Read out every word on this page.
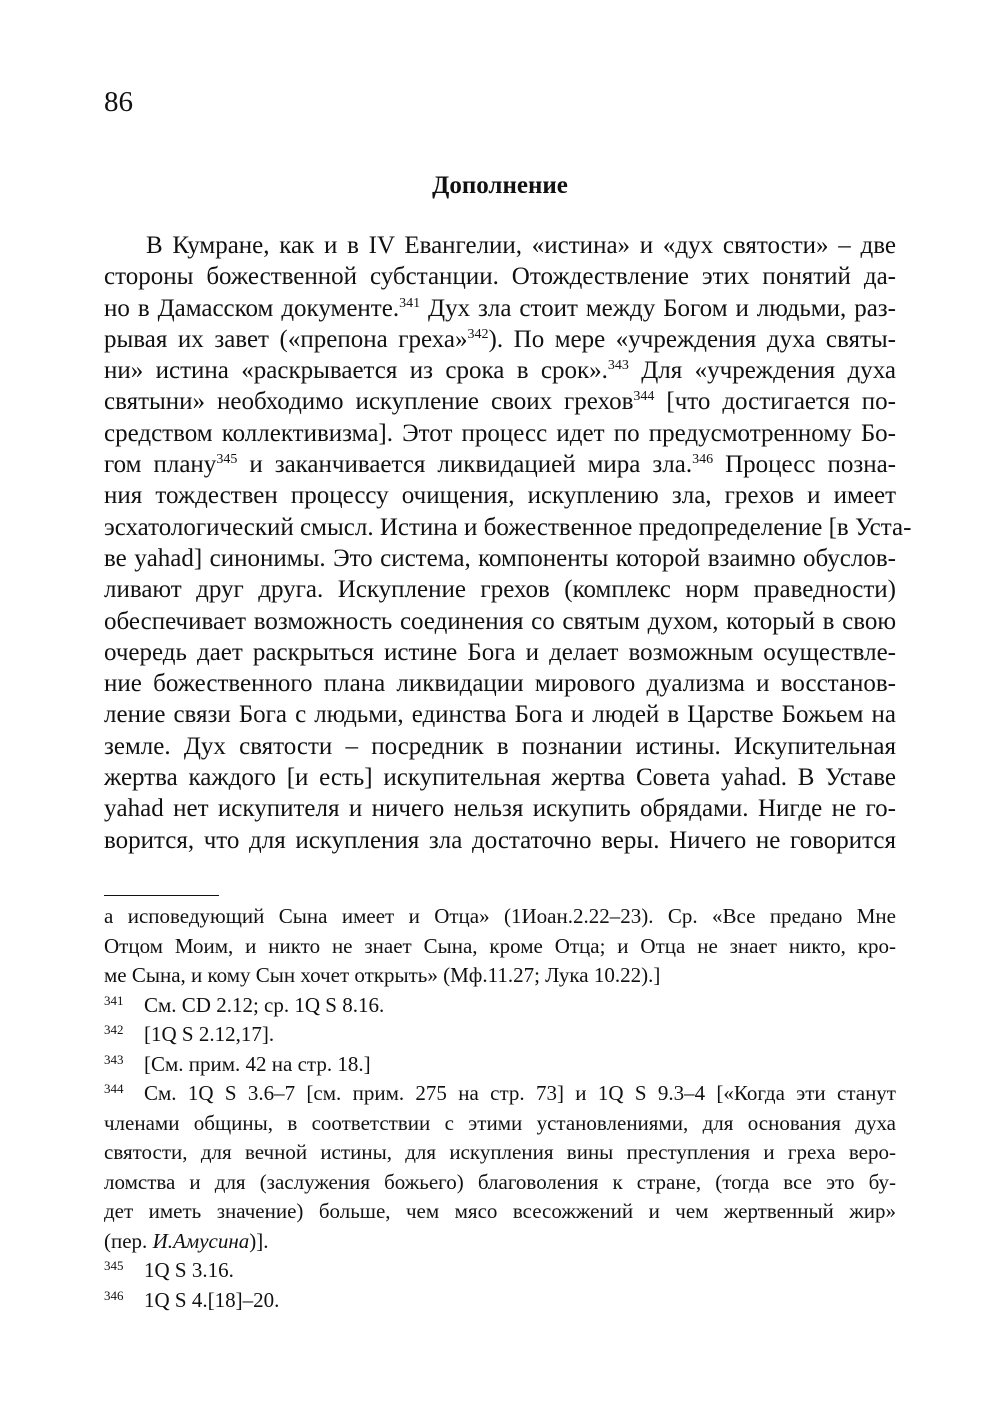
86
Дополнение
В Кумране, как и в IV Евангелии, «истина» и «дух святости» – две
стороны божественной субстанции. Отождествление этих понятий да-
но в Дамасском документе.$^{341}$ Дух зла стоит между Богом и людьми, раз-
рывая их завет («препона греха»$^{342}$). По мере «учреждения духа святы-
ни» истина «раскрывается из срока в срок».$^{343}$ Для «учреждения духа
святыни» необходимо искупление своих грехов$^{344}$ [что достигается по-
средством коллективизма]. Этот процесс идет по предусмотренному Бо-
гом плану$^{345}$ и заканчивается ликвидацией мира зла.$^{346}$ Процесс позна-
ния тождествен процессу очищения, искуплению зла, грехов и имеет
эсхатологический смысл. Истина и божественное предопределение [в Уста-
ве yahad] синонимы. Это система, компоненты которой взаимно обуслов-
ливают друг друга. Искупление грехов (комплекс норм праведности)
обеспечивает возможность соединения со святым духом, который в свою
очередь дает раскрыться истине Бога и делает возможным осуществле-
ние божественного плана ликвидации мирового дуализма и восстанов-
ление связи Бога с людьми, единства Бога и людей в Царстве Божьем на
земле. Дух святости – посредник в познании истины. Искупительная
жертва каждого [и есть] искупительная жертва Совета yahad. В Уставе
yahad нет искупителя и ничего нельзя искупить обрядами. Нигде не го-
ворится, что для искупления зла достаточно веры. Ничего не говорится
а исповедующий Сына имеет и Отца» (1Иоан.2.22–23). Ср. «Все предано Мне
Отцом Моим, и никто не знает Сына, кроме Отца; и Отца не знает никто, кро-
ме Сына, и кому Сын хочет открыть» (Мф.11.27; Лука 10.22).]
341 См. CD 2.12; ср. 1Q S 8.16.
342 [1Q S 2.12,17].
343 [См. прим. 42 на стр. 18.]
344 См. 1Q S 3.6–7 [см. прим. 275 на стр. 73] и 1Q S 9.3–4 [«Когда эти станут
членами общины, в соответствии с этими установлениями, для основания духа
святости, для вечной истины, для искупления вины преступления и греха веро-
ломства и для (заслужения божьего) благоволения к стране, (тогда все это бу-
дет иметь значение) больше, чем мясо всесожжений и чем жертвенный жир»
(пер. И.Амусина)].
345 1Q S 3.16.
346 1Q S 4.[18]–20.
